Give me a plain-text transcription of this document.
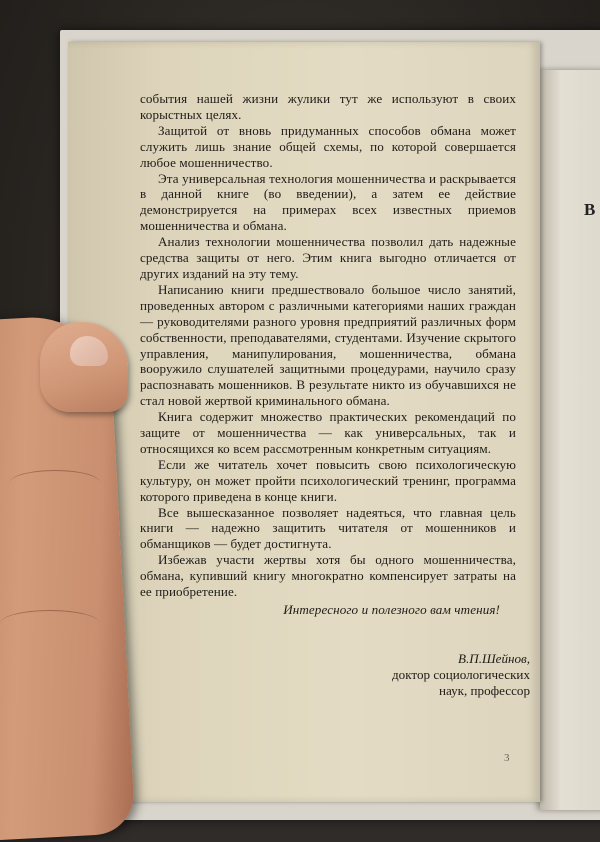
В

события нашей жизни жулики тут же используют в своих корыстных целях.

Защитой от вновь придуманных способов обмана может служить лишь знание общей схемы, по которой совершается любое мошенничество.

Эта универсальная технология мошенничества и раскрывается в данной книге (во введении), а затем ее действие демонстрируется на примерах всех известных приемов мошенничества и обмана.

Анализ технологии мошенничества позволил дать надежные средства защиты от него. Этим книга выгодно отличается от других изданий на эту тему.

Написанию книги предшествовало большое число занятий, проведенных автором с различными категориями наших граждан — руководителями разного уровня предприятий различных форм собственности, преподавателями, студентами. Изучение скрытого управления, манипулирования, мошенничества, обмана вооружило слушателей защитными процедурами, научило сразу распознавать мошенников. В результате никто из обучавшихся не стал новой жертвой криминального обмана.

Книга содержит множество практических рекомендаций по защите от мошенничества — как универсальных, так и относящихся ко всем рассмотренным конкретным ситуациям.

Если же читатель хочет повысить свою психологическую культуру, он может пройти психологический тренинг, программа которого приведена в конце книги.

Все вышесказанное позволяет надеяться, что главная цель книги — надежно защитить читателя от мошенников и обманщиков — будет достигнута.

Избежав участи жертвы хотя бы одного мошенничества, обмана, купивший книгу многократно компенсирует затраты на ее приобретение.

Интересного и полезного вам чтения!

В.П.Шейнов,
доктор социологических
наук, профессор
3
